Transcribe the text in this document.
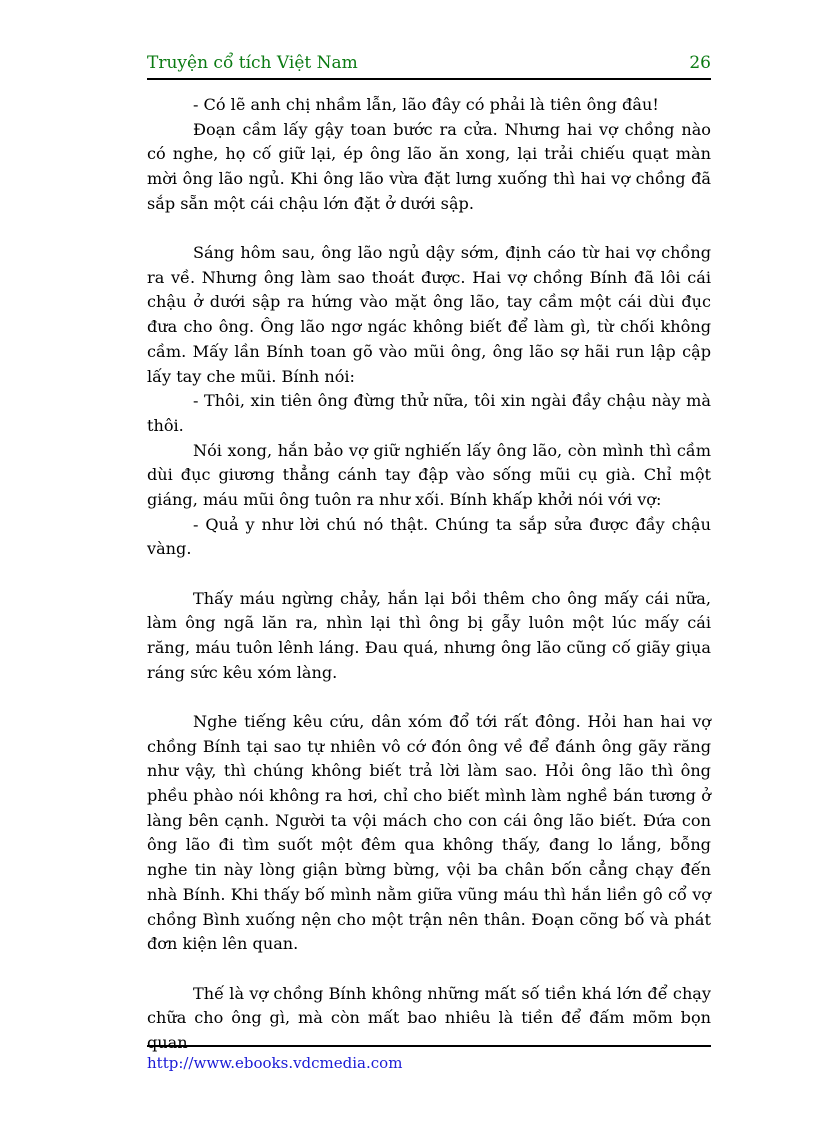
Truyện cổ tích Việt Nam	26

- Có lẽ anh chị nhầm lẫn, lão đây có phải là tiên ông đâu!

Đoạn cầm lấy gậy toan bước ra cửa. Nhưng hai vợ chồng nào có nghe, họ cố giữ lại, ép ông lão ăn xong, lại trải chiếu quạt màn mời ông lão ngủ. Khi ông lão vừa đặt lưng xuống thì hai vợ chồng đã sắp sẵn một cái chậu lớn đặt ở dưới sập.

Sáng hôm sau, ông lão ngủ dậy sớm, định cáo từ hai vợ chồng ra về. Nhưng ông làm sao thoát được. Hai vợ chồng Bính đã lôi cái chậu ở dưới sập ra hứng vào mặt ông lão, tay cầm một cái dùi đục đưa cho ông. Ông lão ngơ ngác không biết để làm gì, từ chối không cầm. Mấy lần Bính toan gõ vào mũi ông, ông lão sợ hãi run lập cập lấy tay che mũi. Bính nói:

- Thôi, xin tiên ông đừng thử nữa, tôi xin ngài đầy chậu này mà thôi.

Nói xong, hắn bảo vợ giữ nghiến lấy ông lão, còn mình thì cầm dùi đục giương thẳng cánh tay đập vào sống mũi cụ già. Chỉ một giáng, máu mũi ông tuôn ra như xối. Bính khấp khởi nói với vợ:

- Quả y như lời chú nó thật. Chúng ta sắp sửa được đầy chậu vàng.

Thấy máu ngừng chảy, hắn lại bồi thêm cho ông mấy cái nữa, làm ông ngã lăn ra, nhìn lại thì ông bị gẫy luôn một lúc mấy cái răng, máu tuôn lênh láng. Đau quá, nhưng ông lão cũng cố giãy giụa ráng sức kêu xóm làng.

Nghe tiếng kêu cứu, dân xóm đổ tới rất đông. Hỏi han hai vợ chồng Bính tại sao tự nhiên vô cớ đón ông về để đánh ông gãy răng như vậy, thì chúng không biết trả lời làm sao. Hỏi ông lão thì ông phều phào nói không ra hơi, chỉ cho biết mình làm nghề bán tương ở làng bên cạnh. Người ta vội mách cho con cái ông lão biết. Đứa con ông lão đi tìm suốt một đêm qua không thấy, đang lo lắng, bỗng nghe tin này lòng giận bừng bừng, vội ba chân bốn cẳng chạy đến nhà Bính. Khi thấy bố mình nằm giữa vũng máu thì hắn liền gô cổ vợ chồng Bình xuống nện cho một trận nên thân. Đoạn cõng bố và phát đơn kiện lên quan.

Thế là vợ chồng Bính không những mất số tiền khá lớn để chạy chữa cho ông gì, mà còn mất bao nhiêu là tiền để đấm mõm bọn quan

http://www.ebooks.vdcmedia.com
